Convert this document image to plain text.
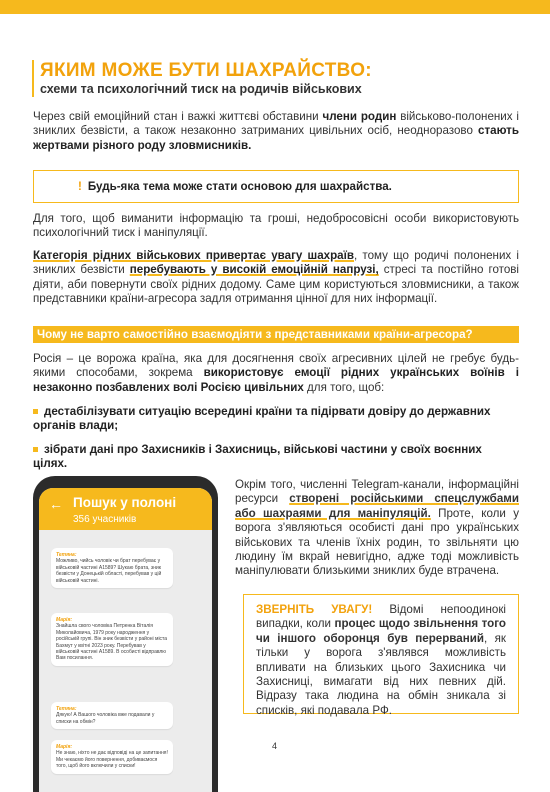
ЯКИМ МОЖЕ БУТИ ШАХРАЙСТВО:
схеми та психологічний тиск на родичів військових
Через свій емоційний стан і важкі життєві обставини члени родин військово-полонених і зниклих безвісти, а також незаконно затриманих цивільних осіб, неодноразово стають жертвами різного роду зловмисників.
! Будь-яка тема може стати основою для шахрайства.
Для того, щоб виманити інформацію та гроші, недобросовісні особи використовують психологічний тиск і маніпуляції.
Категорія рідних військових привертає увагу шахраїв, тому що родичі полонених і зниклих безвісти перебувають у високій емоційній напрузі, стресі та постійно готові діяти, аби повернути своїх рідних додому. Саме цим користуються зловмисники, а також представники країни-агресора задля отримання цінної для них інформації.
Чому не варто самостійно взаємодіяти з представниками країни-агресора?
Росія – це ворожа країна, яка для досягнення своїх агресивних цілей не гребує будь-якими способами, зокрема використовує емоції рідних українських воїнів і незаконно позбавлених волі Росією цивільних для того, щоб:
дестабілізувати ситуацію всередині країни та підірвати довіру до державних органів влади;
зібрати дані про Захисників і Захисниць, військові частини у своїх воєнних цілях.
← Пошук у полоні
356 учасників
Тетяна:
Можливо, чийсь чоловік чи брат перебуває у військовій частині А1589? Шукаю брата, зник безвісти у Донецькій області, перебував у цій військовій частині.
Марія:
Знайшла свого чоловіка Петренка Віталія Миколайовича, 1979 року народження у російській групі. Він зник безвісти у районі міста Бахмут у квітні 2023 року. Перебував у військовій частині А1589. В особисті відправлю Вам посилання.
Тетяна:
Дякую! А Вашого чоловіка вже подавали у списки на обмін?
Марія:
Не знаю, ніхто не дає відповіді на це запитання! Ми чекаємо його повернення, добиваємося того, щоб його включили у списки!
Окрім того, численні Telegram-канали, інформаційні ресурси створені російськими спецслужбами або шахраями для маніпуляцій. Проте, коли у ворога з'являються особисті дані про українських військових та членів їхніх родин, то звільняти цю людину їм вкрай невигідно, адже тоді можливість маніпулювати близькими зниклих буде втрачена.
ЗВЕРНІТЬ УВАГУ! Відомі непоодинокі випадки, коли процес щодо звільнення того чи іншого оборонця був перерваний, як тільки у ворога з'являвся можливість впливати на близьких цього Захисника чи Захисниці, вимагати від них певних дій. Відразу така людина на обмін зникала зі списків, які подавала РФ.
4
